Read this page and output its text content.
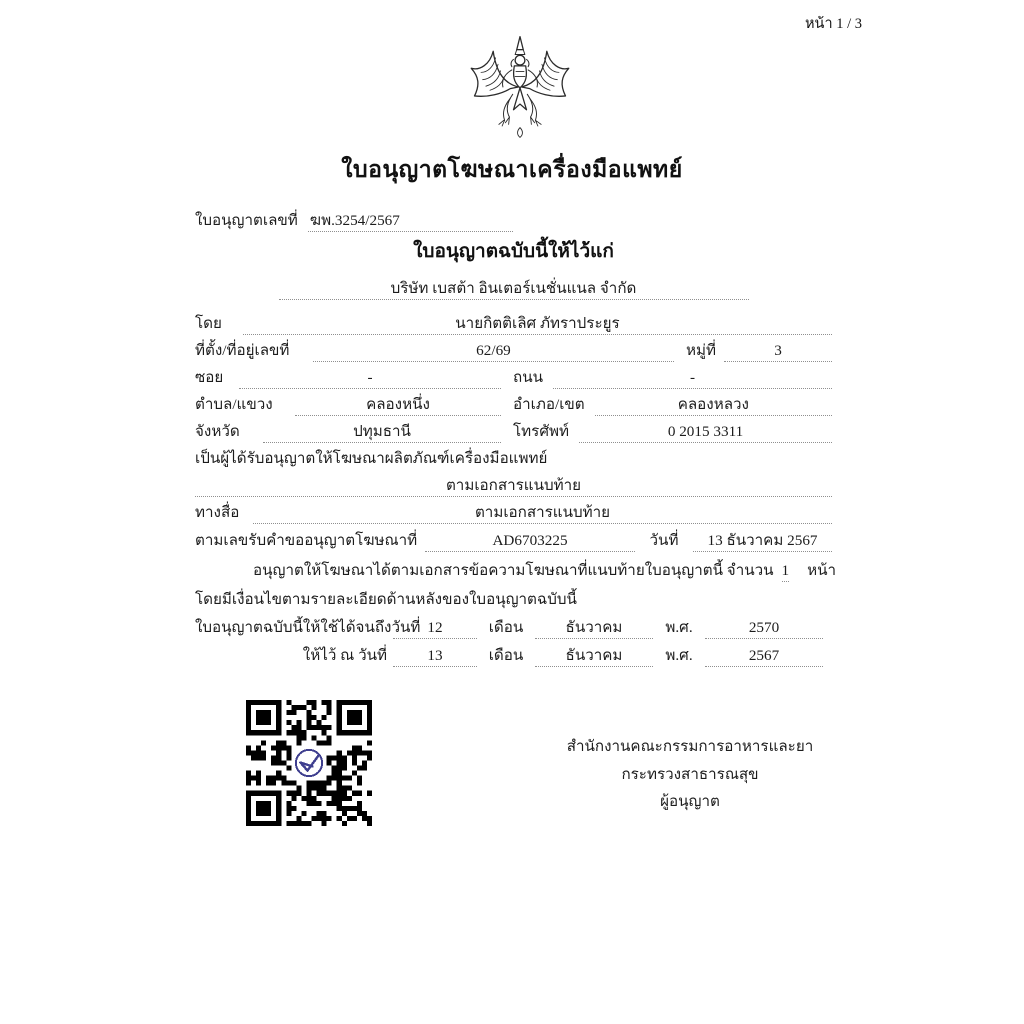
หน้า 1 / 3
ใบอนุญาตโฆษณาเครื่องมือแพทย์
ใบอนุญาตเลขที่ ฆพ.3254/2567
ใบอนุญาตฉบับนี้ให้ไว้แก่
บริษัท เบสต้า อินเตอร์เนชั่นแนล จำกัด
โดย	นายกิตติเลิศ ภัทราประยูร
ที่ตั้ง/ที่อยู่เลขที่	62/69	หมู่ที่	3
ซอย	-	ถนน	-
ตำบล/แขวง	คลองหนึ่ง	อำเภอ/เขต	คลองหลวง
จังหวัด	ปทุมธานี	โทรศัพท์	0 2015 3311
เป็นผู้ได้รับอนุญาตให้โฆษณาผลิตภัณฑ์เครื่องมือแพทย์
ตามเอกสารแนบท้าย
ทางสื่อ	ตามเอกสารแนบท้าย
ตามเลขรับคำขออนุญาตโฆษณาที่	AD6703225	วันที่	13 ธันวาคม 2567
อนุญาตให้โฆษณาได้ตามเอกสารข้อความโฆษณาที่แนบท้ายใบอนุญาตนี้ จำนวน 1	หน้า
โดยมีเงื่อนไขตามรายละเอียดด้านหลังของใบอนุญาตฉบับนี้
ใบอนุญาตฉบับนี้ให้ใช้ได้จนถึงวันที่ 12	เดือน	ธันวาคม	พ.ศ.	2570
ให้ไว้ ณ วันที่	13	เดือน	ธันวาคม	พ.ศ.	2567
สำนักงานคณะกรรมการอาหารและยา
กระทรวงสาธารณสุข
ผู้อนุญาต
